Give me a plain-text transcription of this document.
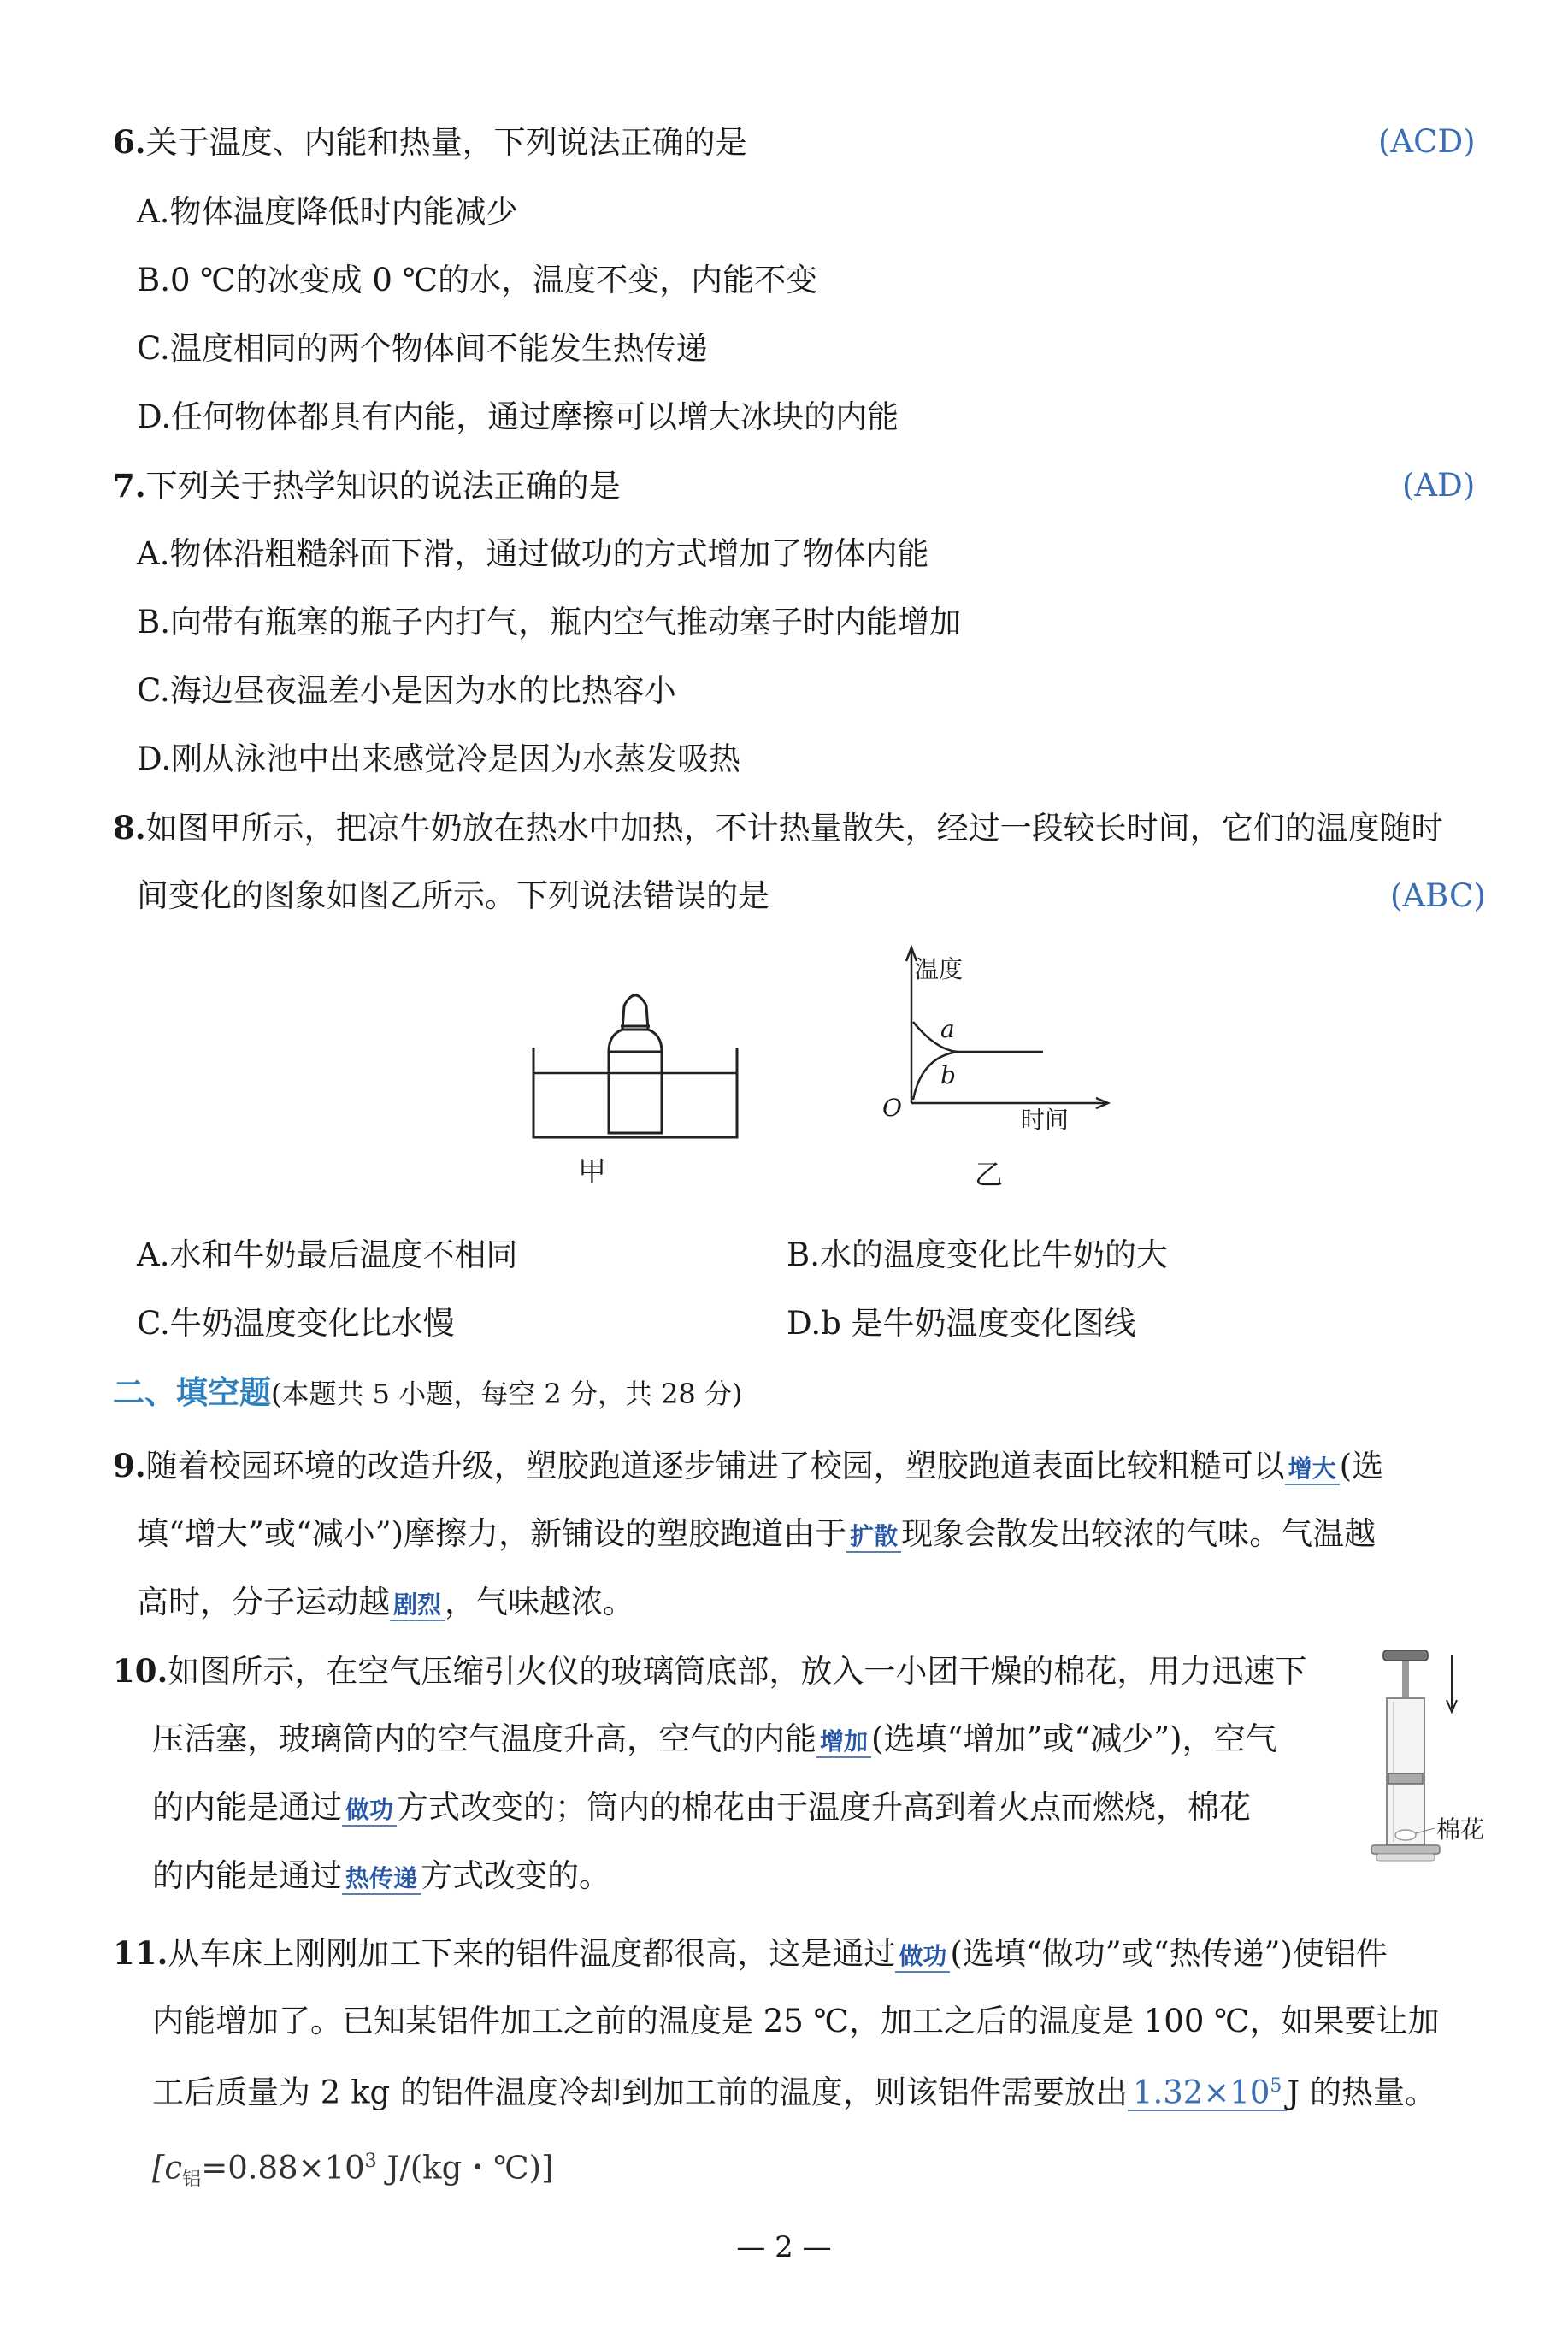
6.关于温度、内能和热量，下列说法正确的是	(ACD)
A.物体温度降低时内能减少
B.0 ℃的冰变成 0 ℃的水，温度不变，内能不变
C.温度相同的两个物体间不能发生热传递
D.任何物体都具有内能，通过摩擦可以增大冰块的内能
7.下列关于热学知识的说法正确的是	(AD)
A.物体沿粗糙斜面下滑，通过做功的方式增加了物体内能
B.向带有瓶塞的瓶子内打气，瓶内空气推动塞子时内能增加
C.海边昼夜温差小是因为水的比热容小
D.刚从泳池中出来感觉冷是因为水蒸发吸热
8.如图甲所示，把凉牛奶放在热水中加热，不计热量散失，经过一段较长时间，它们的温度随时
间变化的图象如图乙所示。下列说法错误的是	(ABC)
甲
温度
时间
O
a
b
乙
A.水和牛奶最后温度不相同	B.水的温度变化比牛奶的大
C.牛奶温度变化比水慢	D.b 是牛奶温度变化图线
二、填空题(本题共 5 小题，每空 2 分，共 28 分)
9.随着校园环境的改造升级，塑胶跑道逐步铺进了校园，塑胶跑道表面比较粗糙可以 增大 (选
填“增大”或“减小”)摩擦力，新铺设的塑胶跑道由于 扩散 现象会散发出较浓的气味。气温越
高时，分子运动越 剧烈 ，气味越浓。
10.如图所示，在空气压缩引火仪的玻璃筒底部，放入一小团干燥的棉花，用力迅速下
压活塞，玻璃筒内的空气温度升高，空气的内能 增加 (选填“增加”或“减少”)，空气
的内能是通过 做功 方式改变的；筒内的棉花由于温度升高到着火点而燃烧，棉花
的内能是通过 热传递 方式改变的。
棉花
11.从车床上刚刚加工下来的铝件温度都很高，这是通过 做功 (选填“做功”或“热传递”)使铝件
内能增加了。已知某铝件加工之前的温度是 25 ℃，加工之后的温度是 100 ℃，如果要让加
工后质量为 2 kg 的铝件温度冷却到加工前的温度，则该铝件需要放出 $1.32\times 10^5$ J 的热量。
[$c_铝=0.88\times 10^3$ J/(kg・℃)]
— 2 —
